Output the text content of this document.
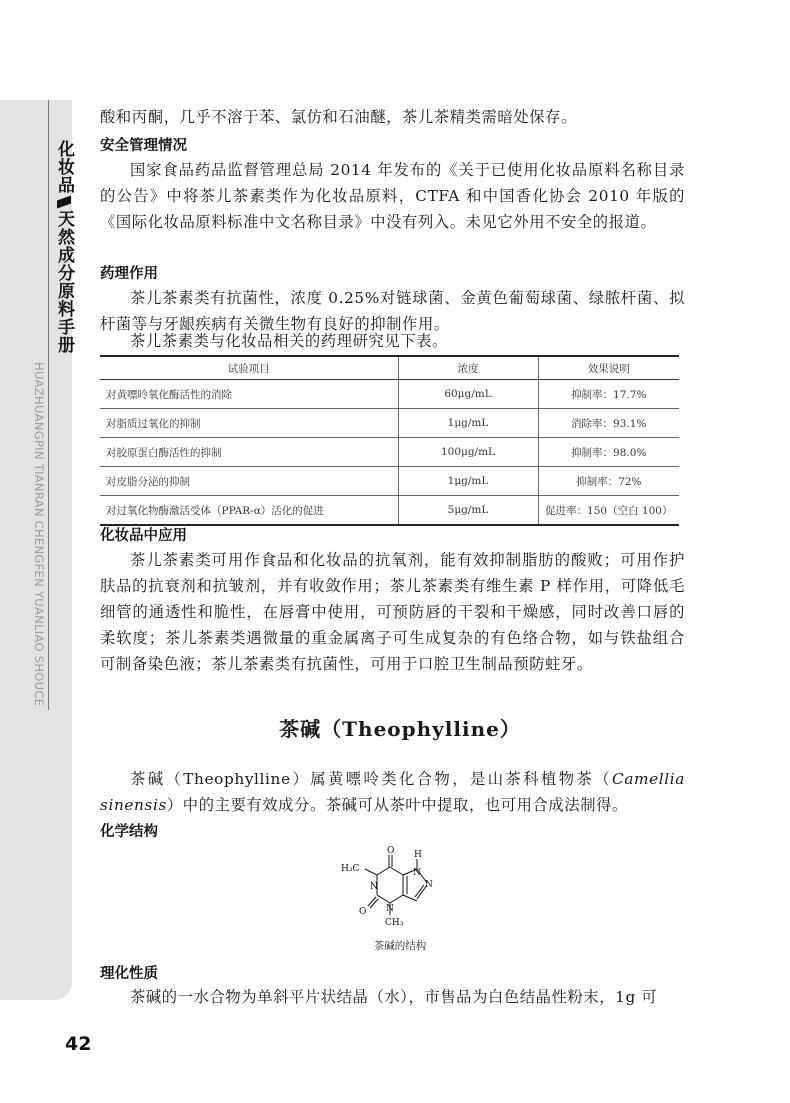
化妆品天然成分原料手册
HUAZHUANGPIN TIANRAN CHENGFEN YUANLIAO SHOUCE

酸和丙酮，几乎不溶于苯、氯仿和石油醚，茶儿茶精类需暗处保存。

安全管理情况

国家食品药品监督管理总局 2014 年发布的《关于已使用化妆品原料名称目录的公告》中将茶儿茶素类作为化妆品原料，CTFA 和中国香化协会 2010 年版的《国际化妆品原料标准中文名称目录》中没有列入。未见它外用不安全的报道。

药理作用

茶儿茶素类有抗菌性，浓度 0.25%对链球菌、金黄色葡萄球菌、绿脓杆菌、拟杆菌等与牙龈疾病有关微生物有良好的抑制作用。

茶儿茶素类与化妆品相关的药理研究见下表。

试验项目	浓度	效果说明
对黄嘌呤氧化酶活性的消除	60μg/mL	抑制率：17.7%
对脂质过氧化的抑制	1μg/mL	消除率：93.1%
对胶原蛋白酶活性的抑制	100μg/mL	抑制率：98.0%
对皮脂分泌的抑制	1μg/mL	抑制率：72%
对过氧化物酶激活受体（PPAR-α）活化的促进	5μg/mL	促进率：150（空白 100）
化妆品中应用

茶儿茶素类可用作食品和化妆品的抗氧剂，能有效抑制脂肪的酸败；可用作护肤品的抗衰剂和抗皱剂，并有收敛作用；茶儿茶素类有维生素 P 样作用，可降低毛细管的通透性和脆性，在唇膏中使用，可预防唇的干裂和干燥感，同时改善口唇的柔软度；茶儿茶素类遇微量的重金属离子可生成复杂的有色络合物，如与铁盐组合可制备染色液；茶儿茶素类有抗菌性，可用于口腔卫生制品预防蛀牙。

茶碱（Theophylline）

茶碱（Theophylline）属黄嘌呤类化合物，是山茶科植物茶（Camellia sinensis）中的主要有效成分。茶碱可从茶叶中提取，也可用合成法制得。

化学结构
H₃C
O
O
H
N
N
N
N
CH₃

茶碱的结构

理化性质

茶碱的一水合物为单斜平片状结晶（水），市售品为白色结晶性粉末，1g 可

42
